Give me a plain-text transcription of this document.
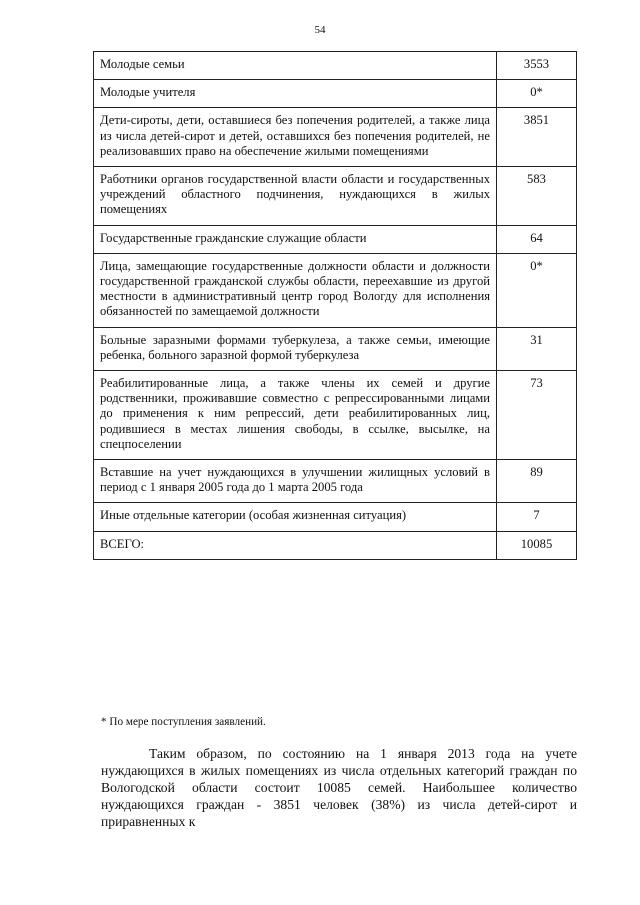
54
Молодые семьи	3553
Молодые учителя	0*
Дети-сироты, дети, оставшиеся без попечения родителей, а также лица из числа детей-сирот и детей, оставшихся без попечения родителей, не реализовавших право на обеспечение жилыми помещениями	3851
Работники органов государственной власти области и государственных учреждений областного подчинения, нуждающихся в жилых помещениях	583
Государственные гражданские служащие области	64
Лица, замещающие государственные должности области и должности государственной гражданской службы области, переехавшие из другой местности в административный центр город Вологду для исполнения обязанностей по замещаемой должности	0*
Больные заразными формами туберкулеза, а также семьи, имеющие ребенка, больного заразной формой туберкулеза	31
Реабилитированные лица, а также члены их семей и другие родственники, проживавшие совместно с репрессированными лицами до применения к ним репрессий, дети реабилитированных лиц, родившиеся в местах лишения свободы, в ссылке, высылке, на спецпоселении	73
Вставшие на учет нуждающихся в улучшении жилищных условий в период с 1 января 2005 года до 1 марта 2005 года	89
Иные отдельные категории (особая жизненная ситуация)	7
ВСЕГО:	10085
* По мере поступления заявлений.

Таким образом, по состоянию на 1 января 2013 года на учете нуждающихся в жилых помещениях из числа отдельных категорий граждан по Вологодской области состоит 10085 семей. Наибольшее количество нуждающихся граждан - 3851 человек (38%) из числа детей-сирот и приравненных к
